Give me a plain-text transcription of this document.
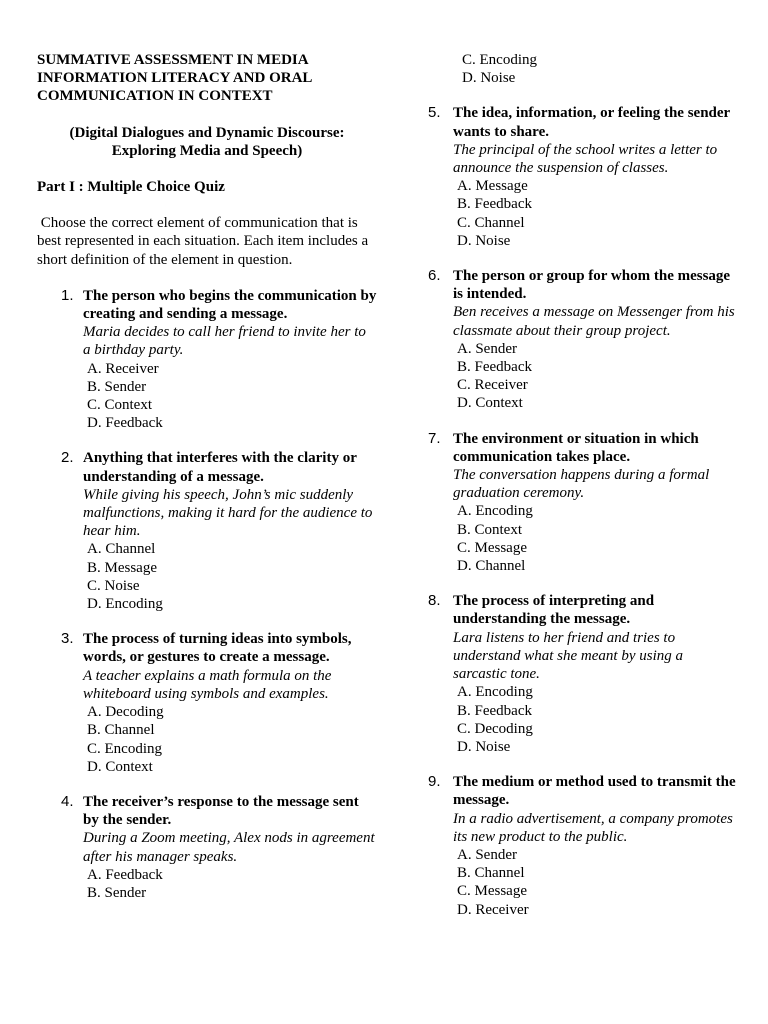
SUMMATIVE ASSESSMENT IN MEDIA INFORMATION LITERACY AND ORAL COMMUNICATION IN CONTEXT

(Digital Dialogues and Dynamic Discourse: Exploring Media and Speech)

Part I : Multiple Choice Quiz

Choose the correct element of communication that is best represented in each situation. Each item includes a short definition of the element in question.

1. The person who begins the communication by creating and sending a message.

Maria decides to call her friend to invite her to a birthday party.

A. Receiver

B. Sender

C. Context

D. Feedback

2. Anything that interferes with the clarity or understanding of a message.

While giving his speech, John’s mic suddenly malfunctions, making it hard for the audience to hear him.

A. Channel

B. Message

C. Noise

D. Encoding

3. The process of turning ideas into symbols, words, or gestures to create a message.

A teacher explains a math formula on the whiteboard using symbols and examples.

A. Decoding

B. Channel

C. Encoding

D. Context

4. The receiver’s response to the message sent by the sender.

During a Zoom meeting, Alex nods in agreement after his manager speaks.

A. Feedback

B. Sender

C. Encoding

D. Noise

5. The idea, information, or feeling the sender wants to share.

The principal of the school writes a letter to announce the suspension of classes.

A. Message

B. Feedback

C. Channel

D. Noise

6. The person or group for whom the message is intended.

Ben receives a message on Messenger from his classmate about their group project.

A. Sender

B. Feedback

C. Receiver

D. Context

7. The environment or situation in which communication takes place.

The conversation happens during a formal graduation ceremony.

A. Encoding

B. Context

C. Message

D. Channel

8. The process of interpreting and understanding the message.

Lara listens to her friend and tries to understand what she meant by using a sarcastic tone.

A. Encoding

B. Feedback

C. Decoding

D. Noise

9. The medium or method used to transmit the message.

In a radio advertisement, a company promotes its new product to the public.

A. Sender

B. Channel

C. Message

D. Receiver
